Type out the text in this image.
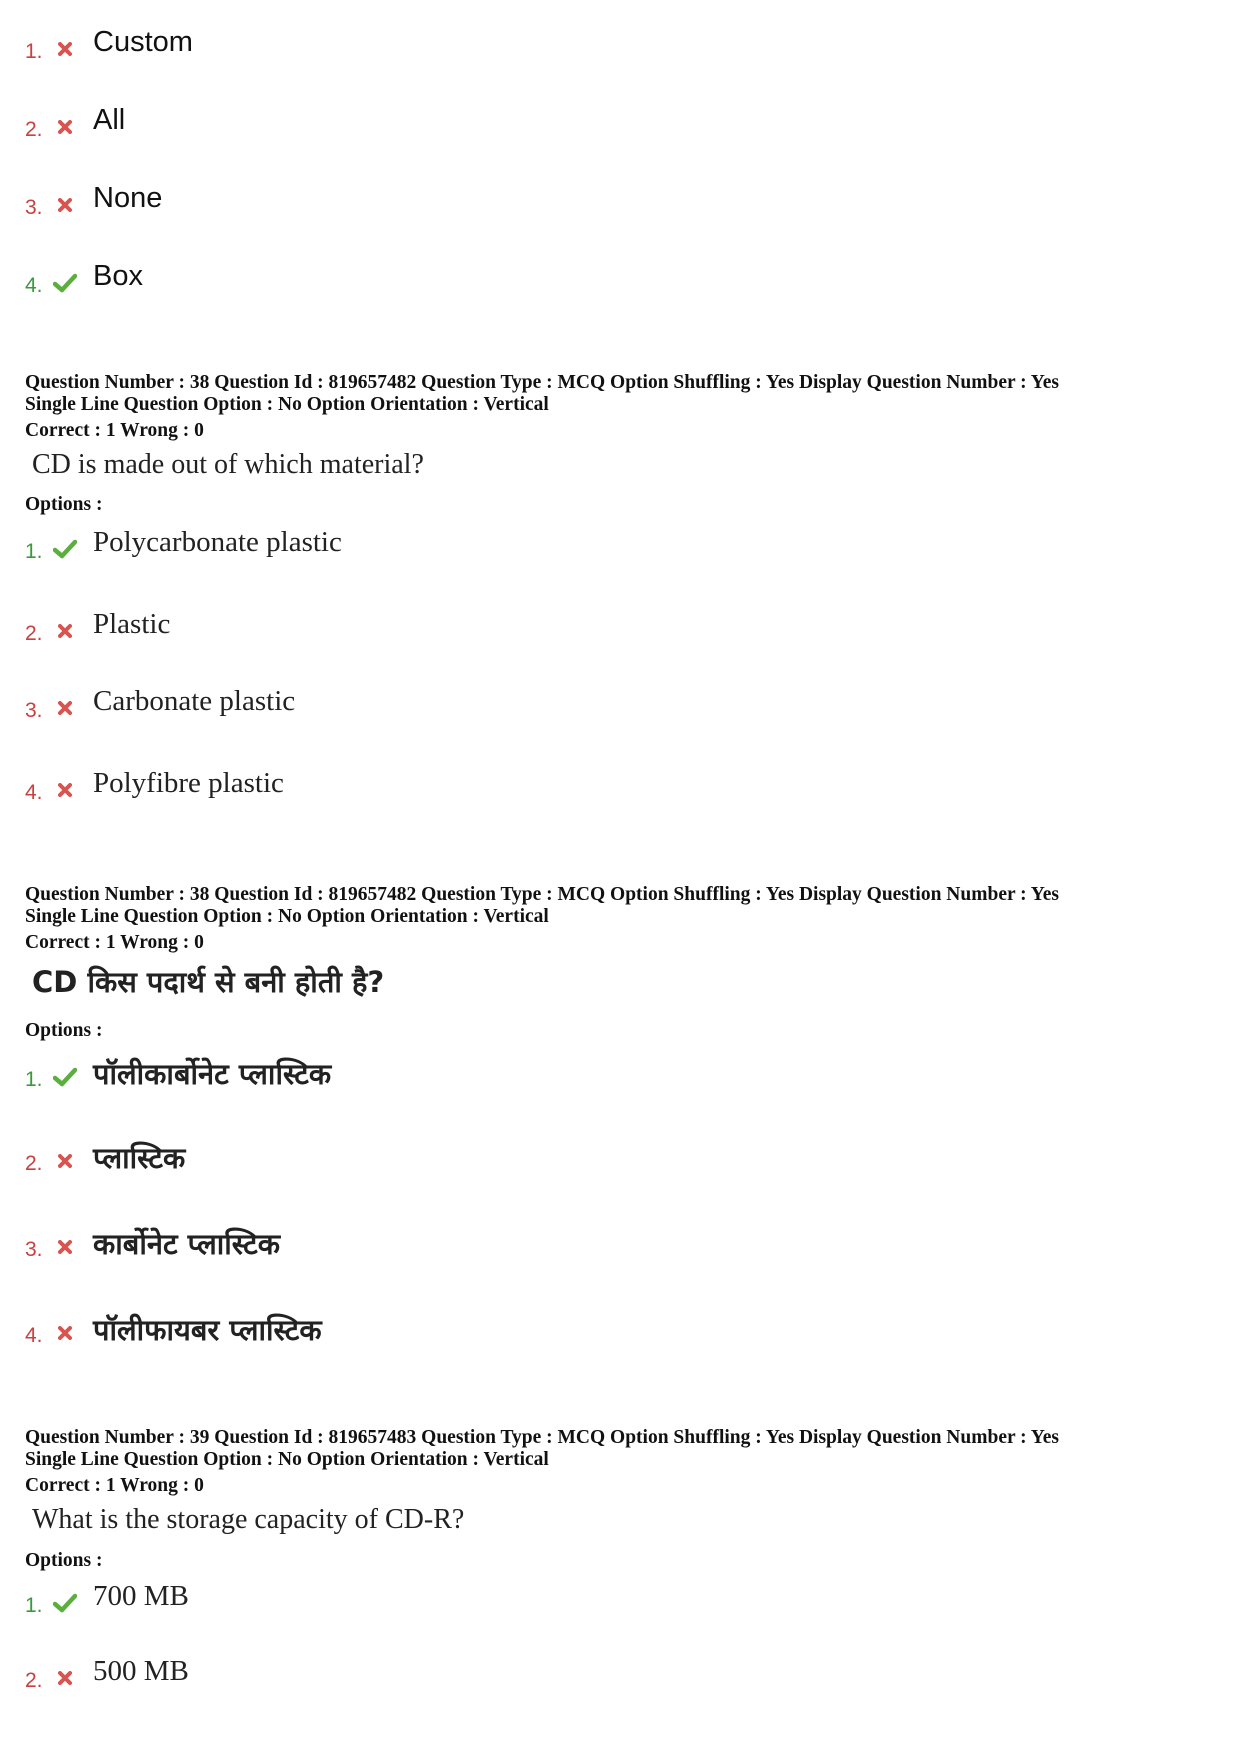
1. Custom
2. All
3. None
4. Box
Question Number : 38 Question Id : 819657482 Question Type : MCQ Option Shuffling : Yes Display Question Number : Yes
Single Line Question Option : No Option Orientation : Vertical
Correct : 1 Wrong : 0
CD is made out of which material?
Options :
1. Polycarbonate plastic
2. Plastic
3. Carbonate plastic
4. Polyfibre plastic
Question Number : 38 Question Id : 819657482 Question Type : MCQ Option Shuffling : Yes Display Question Number : Yes
Single Line Question Option : No Option Orientation : Vertical
Correct : 1 Wrong : 0
CD किस पदार्थ से बनी होती है?
Options :
1. पॉलीकार्बोनेट प्लास्टिक
2. प्लास्टिक
3. कार्बोनेट प्लास्टिक
4. पॉलीफायबर प्लास्टिक
Question Number : 39 Question Id : 819657483 Question Type : MCQ Option Shuffling : Yes Display Question Number : Yes
Single Line Question Option : No Option Orientation : Vertical
Correct : 1 Wrong : 0
What is the storage capacity of CD-R?
Options :
1. 700 MB
2. 500 MB
